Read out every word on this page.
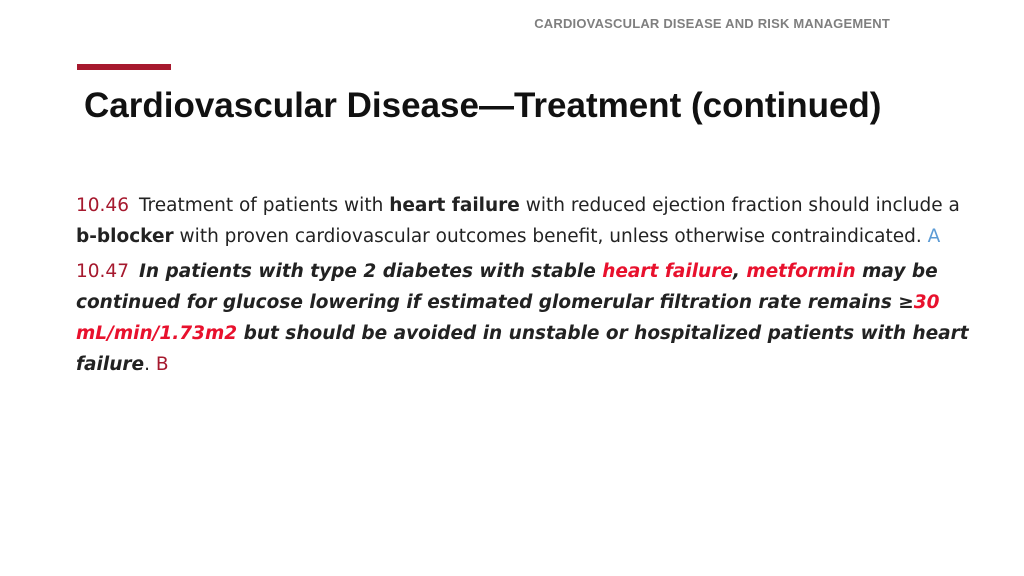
CARDIOVASCULAR DISEASE AND RISK MANAGEMENT
Cardiovascular Disease—Treatment (continued)

10.46 Treatment of patients with heart failure with reduced ejection fraction should include a b-blocker with proven cardiovascular outcomes benefit, unless otherwise contraindicated. A

10.47 In patients with type 2 diabetes with stable heart failure, metformin may be continued for glucose lowering if estimated glomerular filtration rate remains ≥30 mL/min/1.73m2 but should be avoided in unstable or hospitalized patients with heart failure. B
